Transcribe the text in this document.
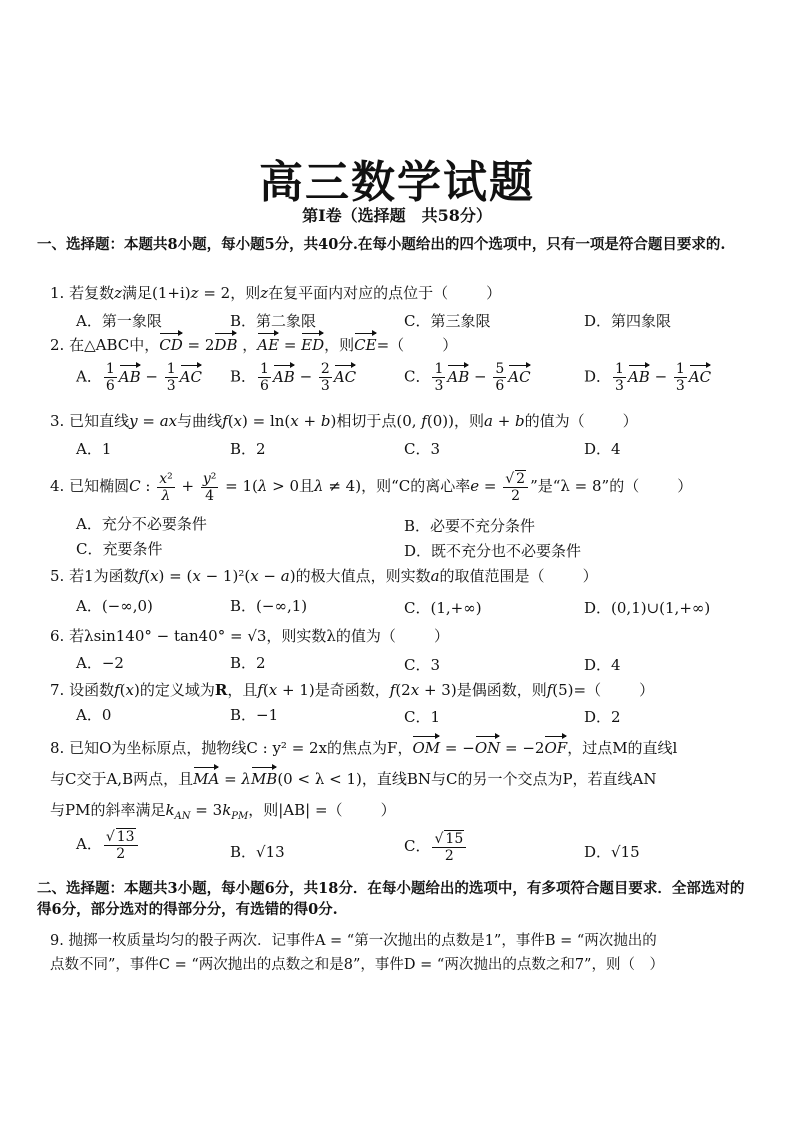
高三数学试题
第Ⅰ卷（选择题　共58分）
一、选择题：本题共8小题，每小题5分，共40分.在每小题给出的四个选项中，只有一项是符合题目要求的.
1. 若复数z满足(1+i)z = 2，则z在复平面内对应的点位于（	）
A．第一象限	B．第二象限	C．第三象限	D．第四象限
2. 在△ABC中，CD = 2DB ，AE = ED，则CE=（	）
A． $\frac{1}{6}$ AB − $\frac{1}{3}$ AC B． $\frac{1}{6}$ AB − $\frac{2}{3}$ AC	C． $\frac{1}{3}$ AB − $\frac{5}{6}$ AC	D． $\frac{1}{3}$ AB − $\frac{1}{3}$ AC
3. 已知直线y = ax与曲线f(x) = ln(x + b)相切于点(0, f(0))，则a + b的值为（	）
A．1	B．2	C．3	D．4
4. 已知椭圆C : $\frac{\text{x²}}{\lambda} + \frac{\text{y²}}{4} = 1(\lambda > 0$且λ ≠ 4)，则“C的离心率$e = \frac{√ 2}{2}$ ”是“λ = 8”的（	）
A．充分不必要条件	B．必要不充分条件
C．充要条件	D．既不充分也不必要条件
5. 若1为函数f(x) = (x − 1)²(x − a)的极大值点，则实数a的取值范围是（	）
A．(−∞,0)	B．(−∞,1)	C．(1,+∞)	D．(0,1)∪(1,+∞)
6. 若λsin140° − tan40° = √3，则实数λ的值为（	）
A．−2	B．2	C．3	D．4
7. 设函数f(x)的定义域为R，且f(x + 1)是奇函数，f(2x + 3)是偶函数，则f(5)=（	）
A．0	B．−1	C．1	D．2
8. 已知O为坐标原点，抛物线C : y² = 2x的焦点为F，OM = −ON = −2OF，过点M的直线l
与C交于A,B两点，且MA = λMB(0 < λ < 1)，直线BN与C的另一个交点为P，若直线AN
与PM的斜率满足$k_{AN} = 3k_{PM}$，则|AB| =（	）
A． $\frac{√ 13}{2}$	B．√13	C． $\frac{√ 15}{2}$	D．√15
二、选择题：本题共3小题，每小题6分，共18分．在每小题给出的选项中，有多项符合题目要求．全部选对的得6分，部分选对的得部分分，有选错的得0分.
9. 抛掷一枚质量均匀的骰子两次．记事件A = “第一次抛出的点数是1”，事件B = “两次抛出的
点数不同”，事件C = “两次抛出的点数之和是8”，事件D = “两次抛出的点数之和7”，则（　）
